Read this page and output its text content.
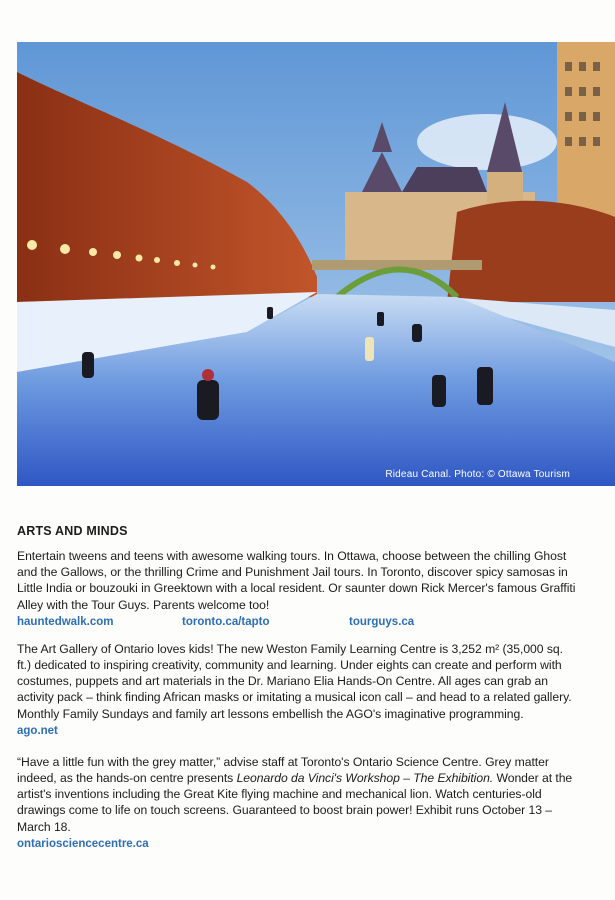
Rideau Canal. Photo: © Ottawa Tourism
ARTS AND MINDS

Entertain tweens and teens with awesome walking tours. In Ottawa, choose between the chilling Ghost and the Gallows, or the thrilling Crime and Punishment Jail tours. In Toronto, discover spicy samosas in Little India or bouzouki in Greektown with a local resident. Or saunter down Rick Mercer's famous Graffiti Alley with the Tour Guys. Parents welcome too!

hauntedwalk.com	toronto.ca/tapto	tourguys.ca

The Art Gallery of Ontario loves kids! The new Weston Family Learning Centre is 3,252 m² (35,000 sq. ft.) dedicated to inspiring creativity, community and learning. Under eights can create and perform with costumes, puppets and art materials in the Dr. Mariano Elia Hands-On Centre. All ages can grab an activity pack – think finding African masks or imitating a musical icon call – and head to a related gallery. Monthly Family Sundays and family art lessons embellish the AGO's imaginative programming.

ago.net

“Have a little fun with the grey matter,” advise staff at Toronto's Ontario Science Centre. Grey matter indeed, as the hands-on centre presents Leonardo da Vinci's Workshop – The Exhibition. Wonder at the artist's inventions including the Great Kite flying machine and mechanical lion. Watch centuries-old drawings come to life on touch screens. Guaranteed to boost brain power! Exhibit runs October 13 – March 18.

ontariosciencecentre.ca
